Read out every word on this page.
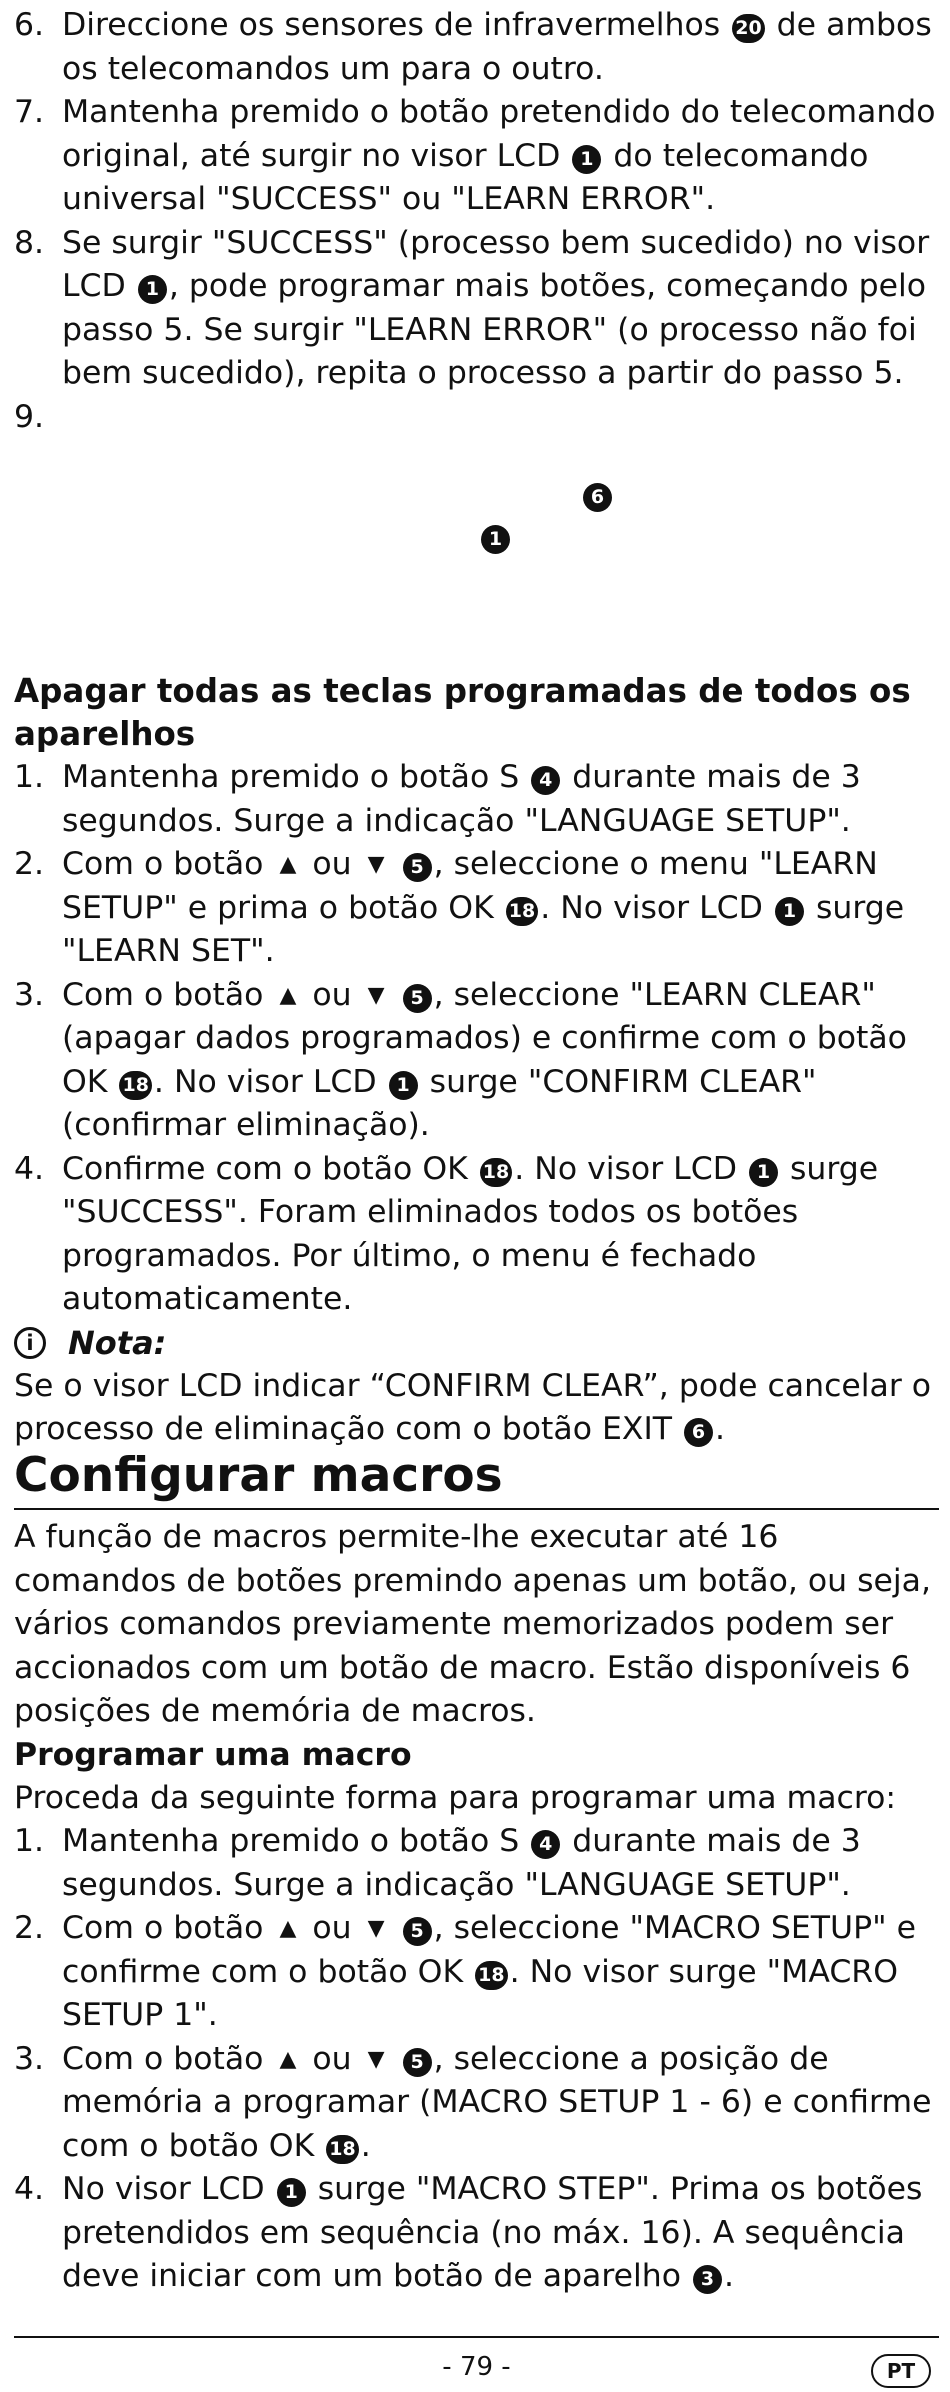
6. Direccione os sensores de infravermelhos 20 de ambos os telecomandos um para o outro.
7. Mantenha premido o botão pretendido do telecomando original, até surgir no visor LCD 1 do telecomando universal "SUCCESS" ou "LEARN ERROR".
8. Se surgir "SUCCESS" (processo bem sucedido) no visor LCD 1 , pode programar mais botões, começando pelo passo 5. Se surgir "LEARN ERROR" (o processo não foi bem sucedido), repita o processo a partir do passo 5.
9.
6
1
Apagar todas as teclas programadas de todos os aparelhos
1. Mantenha premido o botão S 4 durante mais de 3 segundos. Surge a indicação "LANGUAGE SETUP".
2. Com o botão ▲ ou ▼ 5 , seleccione o menu "LEARN SETUP" e prima o botão OK 18 . No visor LCD 1 surge "LEARN SET".
3. Com o botão ▲ ou ▼ 5 , seleccione "LEARN CLEAR" (apagar dados programados) e confirme com o botão OK 18 . No visor LCD 1 surge "CONFIRM CLEAR" (confirmar eliminação).
4. Confirme com o botão OK 18 . No visor LCD 1 surge "SUCCESS". Foram eliminados todos os botões programados. Por último, o menu é fechado automaticamente.
i	Nota:

Se o visor LCD indicar “CONFIRM CLEAR”, pode cancelar o processo de eliminação com o botão EXIT 6 .

Configurar macros

A função de macros permite-lhe executar até 16 comandos de botões premindo apenas um botão, ou seja, vários comandos previamente memorizados podem ser accionados com um botão de macro. Estão disponíveis 6 posições de memória de macros.

Programar uma macro

Proceda da seguinte forma para programar uma macro:

1. Mantenha premido o botão S 4 durante mais de 3 segundos. Surge a indicação "LANGUAGE SETUP".
2. Com o botão ▲ ou ▼ 5 , seleccione "MACRO SETUP" e confirme com o botão OK 18 . No visor surge "MACRO SETUP 1".
3. Com o botão ▲ ou ▼ 5 , seleccione a posição de memória a programar (MACRO SETUP 1 - 6) e confirme com o botão OK 18 .
4. No visor LCD 1 surge "MACRO STEP". Prima os botões pretendidos em sequência (no máx. 16). A sequência deve iniciar com um botão de aparelho 3 .
- 79 -	PT
